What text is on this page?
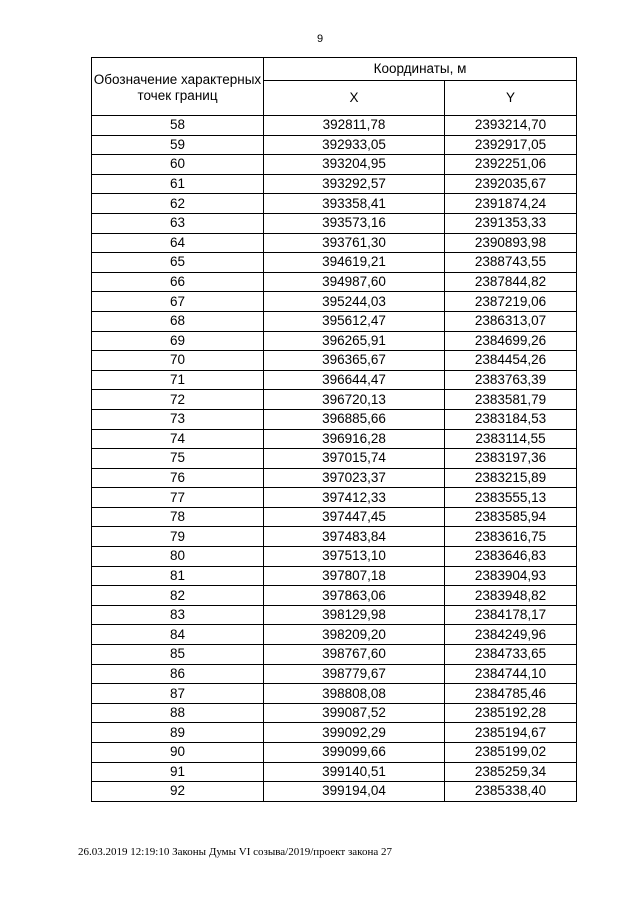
9
Обозначение характерных точек границ	Координаты, м	
	X	Y
58	392811,78	2393214,70
59	392933,05	2392917,05
60	393204,95	2392251,06
61	393292,57	2392035,67
62	393358,41	2391874,24
63	393573,16	2391353,33
64	393761,30	2390893,98
65	394619,21	2388743,55
66	394987,60	2387844,82
67	395244,03	2387219,06
68	395612,47	2386313,07
69	396265,91	2384699,26
70	396365,67	2384454,26
71	396644,47	2383763,39
72	396720,13	2383581,79
73	396885,66	2383184,53
74	396916,28	2383114,55
75	397015,74	2383197,36
76	397023,37	2383215,89
77	397412,33	2383555,13
78	397447,45	2383585,94
79	397483,84	2383616,75
80	397513,10	2383646,83
81	397807,18	2383904,93
82	397863,06	2383948,82
83	398129,98	2384178,17
84	398209,20	2384249,96
85	398767,60	2384733,65
86	398779,67	2384744,10
87	398808,08	2384785,46
88	399087,52	2385192,28
89	399092,29	2385194,67
90	399099,66	2385199,02
91	399140,51	2385259,34
92	399194,04	2385338,40
26.03.2019 12:19:10 Законы Думы VI созыва/2019/проект закона 27
